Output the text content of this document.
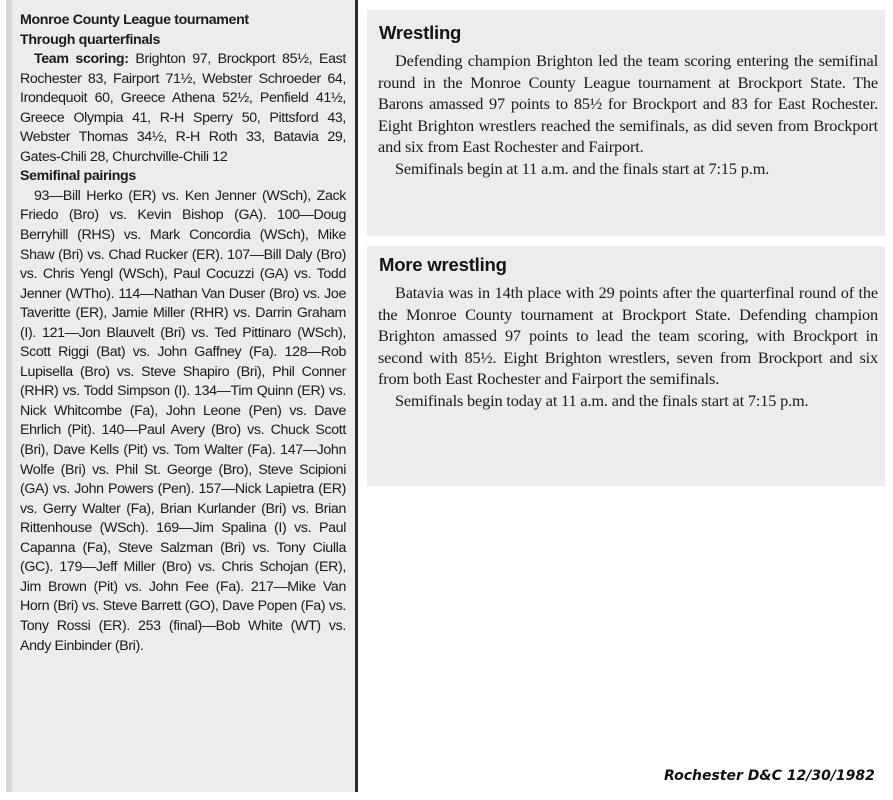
Monroe County League tournament
Through quarterfinals

Team scoring: Brighton 97, Brockport 85½, East Rochester 83, Fairport 71½, Webster Schroeder 64, Irondequoit 60, Greece Athena 52½, Penfield 41½, Greece Olympia 41, R-H Sperry 50, Pittsford 43, Webster Thomas 34½, R-H Roth 33, Batavia 29, Gates-Chili 28, Churchville-Chili 12

Semifinal pairings

93—Bill Herko (ER) vs. Ken Jenner (WSch), Zack Friedo (Bro) vs. Kevin Bishop (GA). 100—Doug Berryhill (RHS) vs. Mark Concordia (WSch), Mike Shaw (Bri) vs. Chad Rucker (ER). 107—Bill Daly (Bro) vs. Chris Yengl (WSch), Paul Cocuzzi (GA) vs. Todd Jenner (WTho). 114—Nathan Van Duser (Bro) vs. Joe Taveritte (ER), Jamie Miller (RHR) vs. Darrin Graham (I). 121—Jon Blauvelt (Bri) vs. Ted Pittinaro (WSch), Scott Riggi (Bat) vs. John Gaffney (Fa). 128—Rob Lupisella (Bro) vs. Steve Shapiro (Bri), Phil Conner (RHR) vs. Todd Simpson (I). 134—Tim Quinn (ER) vs. Nick Whitcombe (Fa), John Leone (Pen) vs. Dave Ehrlich (Pit). 140—Paul Avery (Bro) vs. Chuck Scott (Bri), Dave Kells (Pit) vs. Tom Walter (Fa). 147—John Wolfe (Bri) vs. Phil St. George (Bro), Steve Scipioni (GA) vs. John Powers (Pen). 157—Nick Lapietra (ER) vs. Gerry Walter (Fa), Brian Kurlander (Bri) vs. Brian Rittenhouse (WSch). 169—Jim Spalina (I) vs. Paul Capanna (Fa), Steve Salzman (Bri) vs. Tony Ciulla (GC). 179—Jeff Miller (Bro) vs. Chris Schojan (ER), Jim Brown (Pit) vs. John Fee (Fa). 217—Mike Van Horn (Bri) vs. Steve Barrett (GO), Dave Popen (Fa) vs. Tony Rossi (ER). 253 (final)—Bob White (WT) vs. Andy Einbinder (Bri).

Wrestling

Defending champion Brighton led the team scoring entering the semifinal round in the Monroe County League tournament at Brockport State. The Barons amassed 97 points to 85½ for Brockport and 83 for East Rochester. Eight Brighton wrestlers reached the semifinals, as did seven from Brockport and six from East Rochester and Fairport.

Semifinals begin at 11 a.m. and the finals start at 7:15 p.m.

More wrestling

Batavia was in 14th place with 29 points after the quarterfinal round of the the Monroe County tournament at Brockport State. Defending champion Brighton amassed 97 points to lead the team scoring, with Brockport in second with 85½. Eight Brighton wrestlers, seven from Brockport and six from both East Rochester and Fairport the semifinals.

Semifinals begin today at 11 a.m. and the finals start at 7:15 p.m.

Rochester D&C 12/30/1982
